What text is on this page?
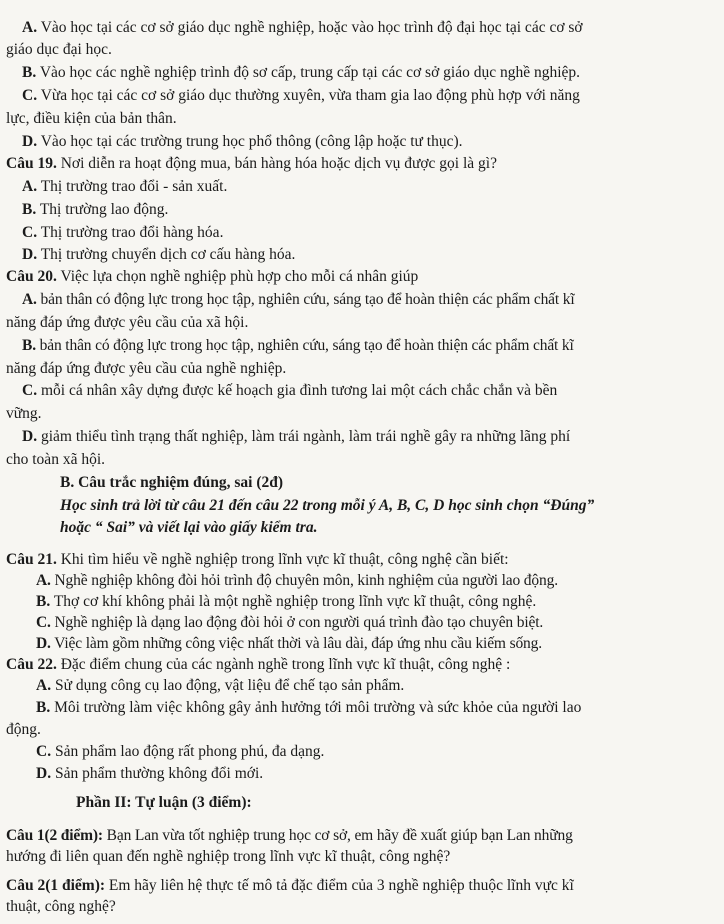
A. Vào học tại các cơ sở giáo dục nghề nghiệp, hoặc vào học trình độ đại học tại các cơ sở
giáo dục đại học.
B. Vào học các nghề nghiệp trình độ sơ cấp, trung cấp tại các cơ sở giáo dục nghề nghiệp.
C. Vừa học tại các cơ sở giáo dục thường xuyên, vừa tham gia lao động phù hợp với năng
lực, điều kiện của bản thân.
D. Vào học tại các trường trung học phổ thông (công lập hoặc tư thục).
Câu 19. Nơi diễn ra hoạt động mua, bán hàng hóa hoặc dịch vụ được gọi là gì?
A. Thị trường trao đổi - sản xuất.
B. Thị trường lao động.
C. Thị trường trao đổi hàng hóa.
D. Thị trường chuyển dịch cơ cấu hàng hóa.
Câu 20. Việc lựa chọn nghề nghiệp phù hợp cho mỗi cá nhân giúp
A. bản thân có động lực trong học tập, nghiên cứu, sáng tạo để hoàn thiện các phẩm chất kĩ
năng đáp ứng được yêu cầu của xã hội.
B. bản thân có động lực trong học tập, nghiên cứu, sáng tạo để hoàn thiện các phẩm chất kĩ
năng đáp ứng được yêu cầu của nghề nghiệp.
C. mỗi cá nhân xây dựng được kế hoạch gia đình tương lai một cách chắc chắn và bền
vững.
D. giảm thiểu tình trạng thất nghiệp, làm trái ngành, làm trái nghề gây ra những lãng phí
cho toàn xã hội.
B. Câu trắc nghiệm đúng, sai (2đ)
Học sinh trả lời từ câu 21 đến câu 22 trong mỗi ý A, B, C, D học sinh chọn “Đúng”
hoặc “ Sai” và viết lại vào giấy kiểm tra.
Câu 21. Khi tìm hiểu về nghề nghiệp trong lĩnh vực kĩ thuật, công nghệ cần biết:
A. Nghề nghiệp không đòi hỏi trình độ chuyên môn, kinh nghiệm của người lao động.
B. Thợ cơ khí không phải là một nghề nghiệp trong lĩnh vực kĩ thuật, công nghệ.
C. Nghề nghiệp là dạng lao động đòi hỏi ở con người quá trình đào tạo chuyên biệt.
D. Việc làm gồm những công việc nhất thời và lâu dài, đáp ứng nhu cầu kiếm sống.
Câu 22. Đặc điểm chung của các ngành nghề trong lĩnh vực kĩ thuật, công nghệ :
A. Sử dụng công cụ lao động, vật liệu để chế tạo sản phẩm.
B. Môi trường làm việc không gây ảnh hưởng tới môi trường và sức khỏe của người lao
động.
C. Sản phẩm lao động rất phong phú, đa dạng.
D. Sản phẩm thường không đổi mới.
Phần II: Tự luận (3 điểm):
Câu 1(2 điểm): Bạn Lan vừa tốt nghiệp trung học cơ sở, em hãy đề xuất giúp bạn Lan những
hướng đi liên quan đến nghề nghiệp trong lĩnh vực kĩ thuật, công nghệ?
Câu 2(1 điểm): Em hãy liên hệ thực tế mô tả đặc điểm của 3 nghề nghiệp thuộc lĩnh vực kĩ
thuật, công nghệ?
